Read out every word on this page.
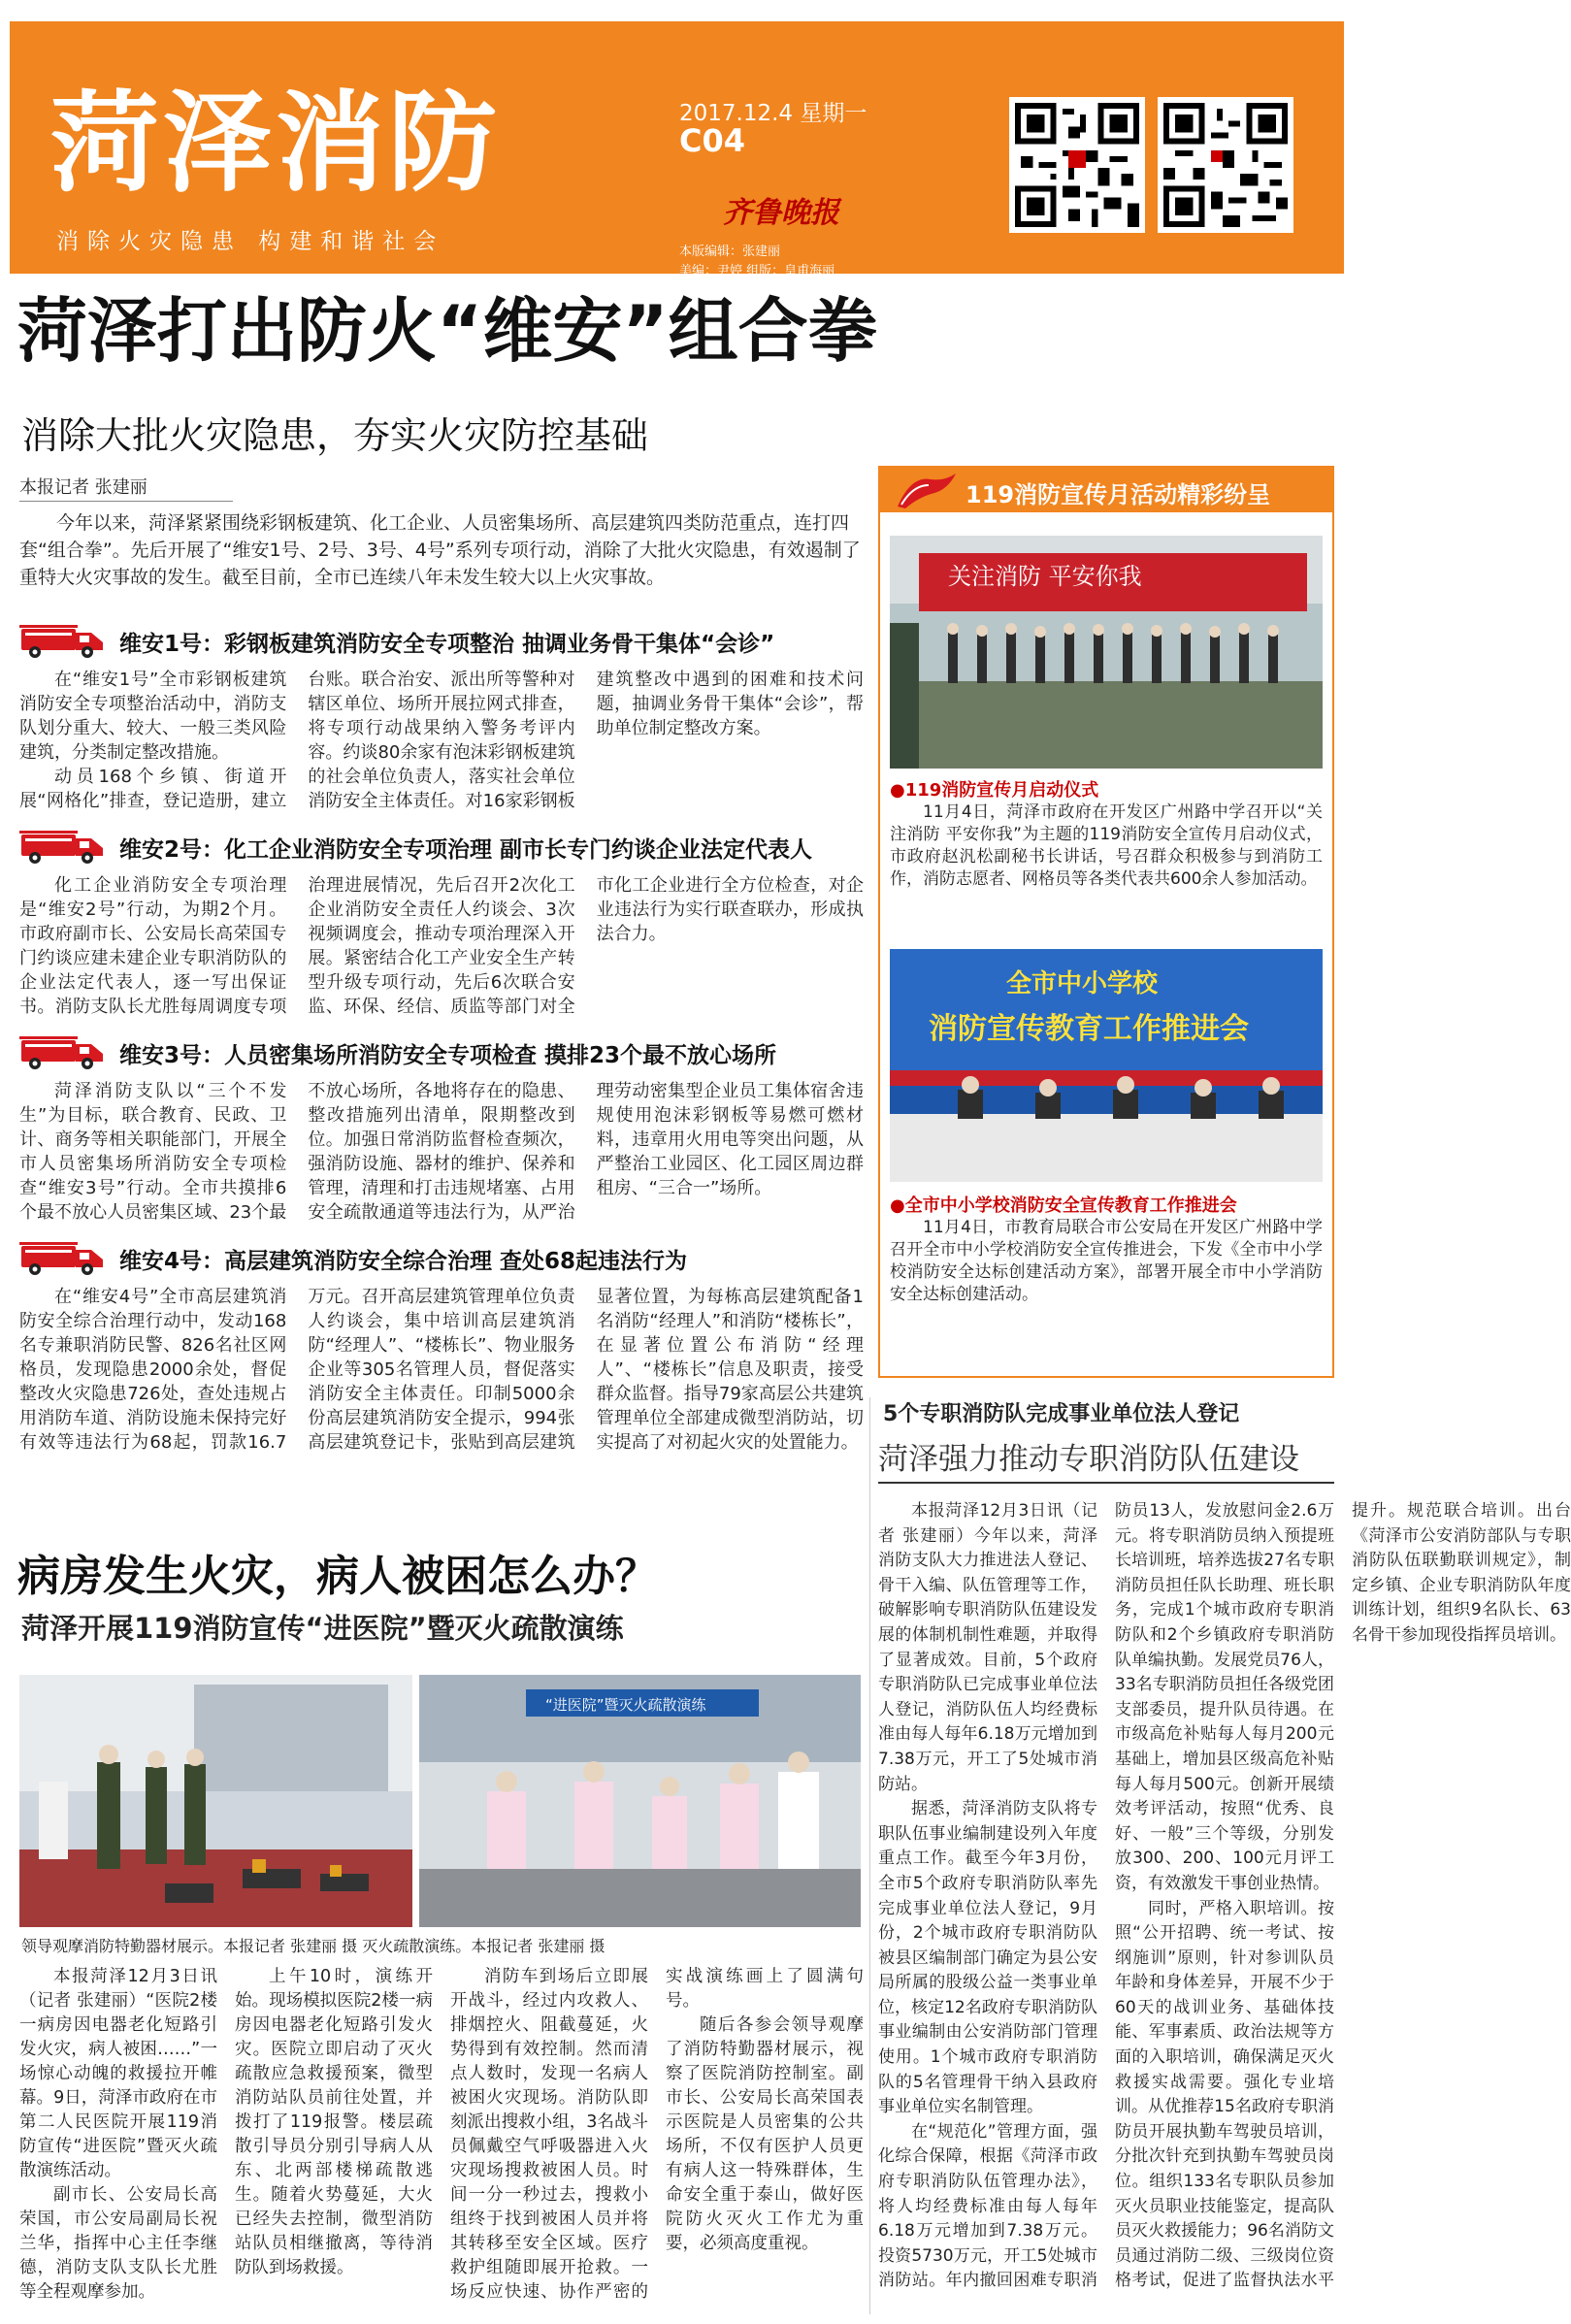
菏泽消防
消除火灾隐患 构建和谐社会
2017.12.4 星期一
C04
齐鲁晚报
本版编辑：张建丽
美编：尹婷 组版：皇甫海丽
菏泽消防微信二维码	菏泽消防微博二维码
菏泽打出防火“维安”组合拳
消除大批火灾隐患，夯实火灾防控基础
本报记者 张建丽
今年以来，菏泽紧紧围绕彩钢板建筑、化工企业、人员密集场所、高层建筑四类防范重点，连打四套“组合拳”。先后开展了“维安1号、2号、3号、4号”系列专项行动，消除了大批火灾隐患，有效遏制了重特大火灾事故的发生。截至目前，全市已连续八年未发生较大以上火灾事故。
维安1号：彩钢板建筑消防安全专项整治 抽调业务骨干集体“会诊”

在“维安1号”全市彩钢板建筑消防安全专项整治活动中，消防支队划分重大、较大、一般三类风险建筑，分类制定整改措施。

动员168个乡镇、街道开展“网格化”排查，登记造册，建立台账。联合治安、派出所等警种对辖区单位、场所开展拉网式排查，将专项行动战果纳入警务考评内容。约谈80余家有泡沫彩钢板建筑的社会单位负责人，落实社会单位消防安全主体责任。对16家彩钢板建筑整改中遇到的困难和技术问题，抽调业务骨干集体“会诊”，帮助单位制定整改方案。

维安2号：化工企业消防安全专项治理 副市长专门约谈企业法定代表人

化工企业消防安全专项治理是“维安2号”行动，为期2个月。市政府副市长、公安局长高荣国专门约谈应建未建企业专职消防队的企业法定代表人，逐一写出保证书。消防支队长尤胜每周调度专项治理进展情况，先后召开2次化工企业消防安全责任人约谈会、3次视频调度会，推动专项治理深入开展。紧密结合化工产业安全生产转型升级专项行动，先后6次联合安监、环保、经信、质监等部门对全市化工企业进行全方位检查，对企业违法行为实行联查联办，形成执法合力。

维安3号：人员密集场所消防安全专项检查 摸排23个最不放心场所

菏泽消防支队以“三个不发生”为目标，联合教育、民政、卫计、商务等相关职能部门，开展全市人员密集场所消防安全专项检查“维安3号”行动。全市共摸排6个最不放心人员密集区域、23个最不放心场所，各地将存在的隐患、整改措施列出清单，限期整改到位。加强日常消防监督检查频次，强消防设施、器材的维护、保养和管理，清理和打击违规堵塞、占用安全疏散通道等违法行为，从严治理劳动密集型企业员工集体宿舍违规使用泡沫彩钢板等易燃可燃材料，违章用火用电等突出问题，从严整治工业园区、化工园区周边群租房、“三合一”场所。

维安4号：高层建筑消防安全综合治理 查处68起违法行为

在“维安4号”全市高层建筑消防安全综合治理行动中，发动168名专兼职消防民警、826名社区网格员，发现隐患2000余处，督促整改火灾隐患726处，查处违规占用消防车道、消防设施未保持完好有效等违法行为68起，罚款16.7万元。召开高层建筑管理单位负责人约谈会，集中培训高层建筑消防“经理人”、“楼栋长”、物业服务企业等305名管理人员，督促落实消防安全主体责任。印制5000余份高层建筑消防安全提示，994张高层建筑登记卡，张贴到高层建筑显著位置，为每栋高层建筑配备1名消防“经理人”和消防“楼栋长”，在显著位置公布消防“经理人”、“楼栋长”信息及职责，接受群众监督。指导79家高层公共建筑管理单位全部建成微型消防站，切实提高了对初起火灾的处置能力。

119消防宣传月活动精彩纷呈
关注消防 平安你我
●119消防宣传月启动仪式
11月4日，菏泽市政府在开发区广州路中学召开以“关注消防 平安你我”为主题的119消防安全宣传月启动仪式，市政府赵汎松副秘书长讲话，号召群众积极参与到消防工作，消防志愿者、网格员等各类代表共600余人参加活动。
全市中小学校
消防宣传教育工作推进会
●全市中小学校消防安全宣传教育工作推进会
11月4日，市教育局联合市公安局在开发区广州路中学召开全市中小学校消防安全宣传推进会，下发《全市中小学校消防安全达标创建活动方案》，部署开展全市中小学消防安全达标创建活动。
5个专职消防队完成事业单位法人登记
菏泽强力推动专职消防队伍建设

本报菏泽12月3日讯（记者 张建丽）今年以来，菏泽消防支队大力推进法人登记、骨干入编、队伍管理等工作，破解影响专职消防队伍建设发展的体制机制性难题，并取得了显著成效。目前，5个政府专职消防队已完成事业单位法人登记，消防队伍人均经费标准由每人每年6.18万元增加到7.38万元，开工了5处城市消防站。

据悉，菏泽消防支队将专职队伍事业编制建设列入年度重点工作。截至今年3月份，全市5个政府专职消防队率先完成事业单位法人登记，9月份，2个城市政府专职消防队被县区编制部门确定为县公安局所属的股级公益一类事业单位，核定12名政府专职消防队事业编制由公安消防部门管理使用。1个城市政府专职消防队的5名管理骨干纳入县政府事业单位实名制管理。

在“规范化”管理方面，强化综合保障，根据《菏泽市政府专职消防队伍管理办法》，将人均经费标准由每人每年6.18万元增加到7.38万元。投资5730万元，开工5处城市消防站。年内撤回困难专职消防员13人，发放慰问金2.6万元。将专职消防员纳入预提班长培训班，培养选拔27名专职消防员担任队长助理、班长职务，完成1个城市政府专职消防队和2个乡镇政府专职消防队单编执勤。发展党员76人，33名专职消防员担任各级党团支部委员，提升队员待遇。在市级高危补贴每人每月200元基础上，增加县区级高危补贴每人每月500元。创新开展绩效考评活动，按照“优秀、良好、一般”三个等级，分别发放300、200、100元月评工资，有效激发干事创业热情。

同时，严格入职培训。按照“公开招聘、统一考试、按纲施训”原则，针对参训队员年龄和身体差异，开展不少于60天的战训业务、基础体技能、军事素质、政治法规等方面的入职培训，确保满足灭火救援实战需要。强化专业培训。从优推荐15名政府专职消防员开展执勤车驾驶员培训，分批次针充到执勤车驾驶员岗位。组织133名专职队员参加灭火员职业技能鉴定，提高队员灭火救援能力；96名消防文员通过消防二级、三级岗位资格考试，促进了监督执法水平提升。规范联合培训。出台《菏泽市公安消防部队与专职消防队伍联勤联训规定》，制定乡镇、企业专职消防队年度训练计划，组织9名队长、63名骨干参加现役指挥员培训。

病房发生火灾，病人被困怎么办？
菏泽开展119消防宣传“进医院”暨灭火疏散演练
“进医院”暨灭火疏散演练
领导观摩消防特勤器材展示。本报记者 张建丽 摄 灭火疏散演练。本报记者 张建丽 摄

本报菏泽12月3日讯（记者 张建丽）“医院2楼一病房因电器老化短路引发火灾，病人被困……”一场惊心动魄的救援拉开帷幕。9日，菏泽市政府在市第二人民医院开展119消防宣传“进医院”暨灭火疏散演练活动。

副市长、公安局长高荣国，市公安局副局长祝兰华，指挥中心主任李继德，消防支队支队长尤胜等全程观摩参加。

上午10时，演练开始。现场模拟医院2楼一病房因电器老化短路引发火灾。医院立即启动了灭火疏散应急救援预案，微型消防站队员前往处置，并拨打了119报警。楼层疏散引导员分别引导病人从东、北两部楼梯疏散逃生。随着火势蔓延，大火已经失去控制，微型消防站队员相继撤离，等待消防队到场救援。

消防车到场后立即展开战斗，经过内攻救人、排烟控火、阻截蔓延，火势得到有效控制。然而清点人数时，发现一名病人被困火灾现场。消防队即刻派出搜救小组，3名战斗员佩戴空气呼吸器进入火灾现场搜救被困人员。时间一分一秒过去，搜救小组终于找到被困人员并将其转移至安全区域。医疗救护组随即展开抢救。一场反应快速、协作严密的实战演练画上了圆满句号。

随后各参会领导观摩了消防特勤器材展示，视察了医院消防控制室。副市长、公安局长高荣国表示医院是人员密集的公共场所，不仅有医护人员更有病人这一特殊群体，生命安全重于泰山，做好医院防火灭火工作尤为重要，必须高度重视。
